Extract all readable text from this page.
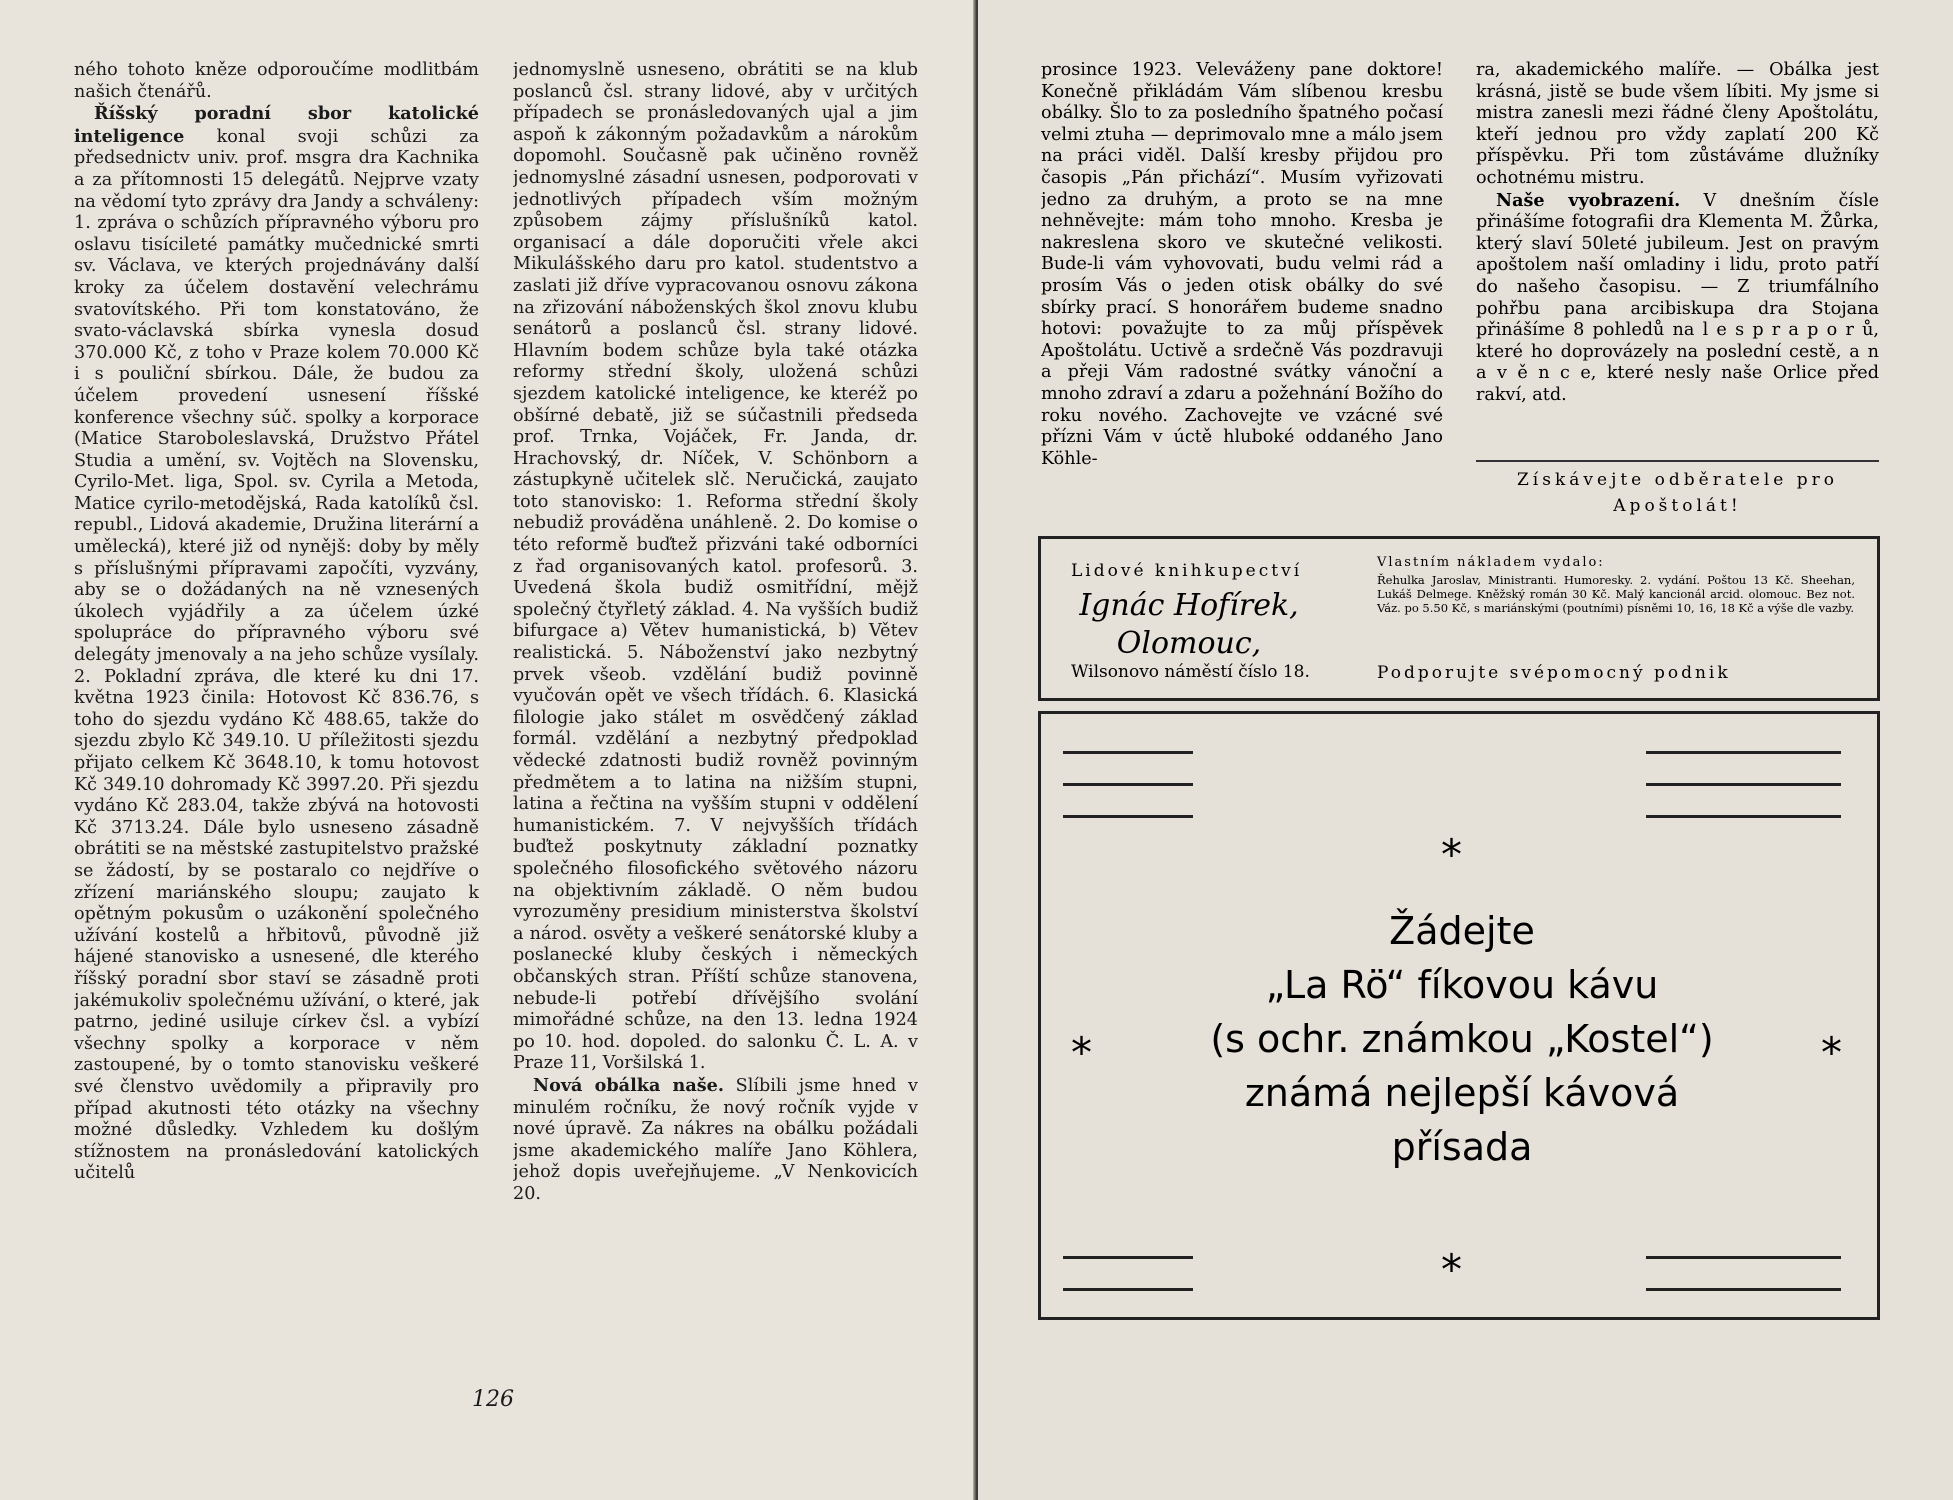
ného tohoto kněze odporoučíme modlitbám našich čtenářů.

Říšský poradní sbor katolické inteligence konal svoji schůzi za předsednictv univ. prof. msgra dra Kachnika a za přítomnosti 15 delegátů. Nejprve vzaty na vědomí tyto zprávy dra Jandy a schváleny: 1. zpráva o schůzích přípravného výboru pro oslavu tisícileté památky mučednické smrti sv. Václava, ve kterých projednávány další kroky za účelem dostavění velechrámu svatovítského. Při tom konstatováno, že svato-václavská sbírka vynesla dosud 370.000 Kč, z toho v Praze kolem 70.000 Kč i s pouliční sbírkou. Dále, že budou za účelem provedení usnesení říšské konference všechny súč. spolky a korporace (Matice Staroboleslavská, Družstvo Přátel Studia a umění, sv. Vojtěch na Slovensku, Cyrilo-Met. liga, Spol. sv. Cyrila a Metoda, Matice cyrilo-metodějská, Rada katolíků čsl. republ., Lidová akademie, Družina literární a umělecká), které již od nynějš: doby by měly s příslušnými přípravami započíti, vyzvány, aby se o dožádaných na ně vznesených úkolech vyjádřily a za účelem úzké spolupráce do přípravného výboru své delegáty jmenovaly a na jeho schůze vysílaly. 2. Pokladní zpráva, dle které ku dni 17. května 1923 činila: Hotovost Kč 836.76, s toho do sjezdu vydáno Kč 488.65, takže do sjezdu zbylo Kč 349.10. U příležitosti sjezdu přijato celkem Kč 3648.10, k tomu hotovost Kč 349.10 dohromady Kč 3997.20. Při sjezdu vydáno Kč 283.04, takže zbývá na hotovosti Kč 3713.24. Dále bylo usneseno zásadně obrátiti se na městské zastupitelstvo pražské se žádostí, by se postaralo co nejdříve o zřízení mariánského sloupu; zaujato k opětným pokusům o uzákonění společného užívání kostelů a hřbitovů, původně již hájené stanovisko a usnesené, dle kterého říšský poradní sbor staví se zásadně proti jakémukoliv společnému užívání, o které, jak patrno, jediné usiluje církev čsl. a vybízí všechny spolky a korporace v něm zastoupené, by o tomto stanovisku veškeré své členstvo uvědomily a připravily pro případ akutnosti této otázky na všechny možné důsledky. Vzhledem ku došlým stížnostem na pronásledování katolických učitelů

jednomyslně usneseno, obrátiti se na klub poslanců čsl. strany lidové, aby v určitých případech se pronásledovaných ujal a jim aspoň k zákonným požadavkům a nárokům dopomohl. Současně pak učiněno rovněž jednomyslné zásadní usnesen, podporovati v jednotlivých případech vším možným způsobem zájmy příslušníků katol. organisací a dále doporučiti vřele akci Mikulášského daru pro katol. studentstvo a zaslati již dříve vypracovanou osnovu zákona na zřizování náboženských škol znovu klubu senátorů a poslanců čsl. strany lidové. Hlavním bodem schůze byla také otázka reformy střední školy, uložená schůzi sjezdem katolické inteligence, ke kteréž po obšírné debatě, již se súčastnili předseda prof. Trnka, Vojáček, Fr. Janda, dr. Hrachovský, dr. Níček, V. Schönborn a zástupkyně učitelek slč. Neručická, zaujato toto stanovisko: 1. Reforma střední školy nebudiž prováděna unáhleně. 2. Do komise o této reformě buďtež přizváni také odborníci z řad organisovaných katol. profesorů. 3. Uvedená škola budiž osmitřídní, mějž společný čtyřletý základ. 4. Na vyšších budiž bifurgace a) Větev humanistická, b) Větev realistická. 5. Náboženství jako nezbytný prvek všeob. vzdělání budiž povinně vyučován opět ve všech třídách. 6. Klasická filologie jako stálet m osvědčený základ formál. vzdělání a nezbytný předpoklad vědecké zdatnosti budiž rovněž povinným předmětem a to latina na nižším stupni, latina a řečtina na vyšším stupni v oddělení humanistickém. 7. V nejvyšších třídách buďtež poskytnuty základní poznatky společného filosofického světového názoru na objektivním základě. O něm budou vyrozuměny presidium ministerstva školství a národ. osvěty a veškeré senátorské kluby a poslanecké kluby českých i německých občanských stran. Příští schůze stanovena, nebude-li potřebí dřívějšího svolání mimořádné schůze, na den 13. ledna 1924 po 10. hod. dopoled. do salonku Č. L. A. v Praze 11, Voršilská 1.

Nová obálka naše. Slíbili jsme hned v minulém ročníku, že nový ročník vyjde v nové úpravě. Za nákres na obálku požádali jsme akademického malíře Jano Köhlera, jehož dopis uveřejňujeme. „V Nenkovicích 20.

126

prosince 1923. Veleváženy pane doktore! Konečně přikládám Vám slíbenou kresbu obálky. Šlo to za posledního špatného počasí velmi ztuha — deprimovalo mne a málo jsem na práci viděl. Další kresby přijdou pro časopis „Pán přichází“. Musím vyřizovati jedno za druhým, a proto se na mne nehněvejte: mám toho mnoho. Kresba je nakreslena skoro ve skutečné velikosti. Bude-li vám vyhovovati, budu velmi rád a prosím Vás o jeden otisk obálky do své sbírky prací. S honorářem budeme snadno hotovi: považujte to za můj příspěvek Apoštolátu. Uctivě a srdečně Vás pozdravuji a přeji Vám radostné svátky vánoční a mnoho zdraví a zdaru a požehnání Božího do roku nového. Zachovejte ve vzácné své přízni Vám v úctě hluboké oddaného Jano Köhle-

ra, akademického malíře. — Obálka jest krásná, jistě se bude všem líbiti. My jsme si mistra zanesli mezi řádné členy Apoštolátu, kteří jednou pro vždy zaplatí 200 Kč příspěvku. Při tom zůstáváme dlužníky ochotnému mistru.

Naše vyobrazení. V dnešním čísle přinášíme fotografii dra Klementa M. Žůrka, který slaví 50leté jubileum. Jest on pravým apoštolem naší omladiny i lidu, proto patří do našeho časopisu. — Z triumfálního pohřbu pana arcibiskupa dra Stojana přinášíme 8 pohledů na l e s p r a p o r ů, které ho doprovázely na poslední cestě, a n a v ě n c e, které nesly naše Orlice před rakví, atd.

Získávejte odběratele pro Apoštolát!
Lidové knihkupectví
Ignác Hofírek,
Olomouc,
Wilsonovo náměstí číslo 18.
Vlastním nákladem vydalo:
Řehulka Jaroslav, Ministranti. Humoresky. 2. vydání. Poštou 13 Kč. Sheehan, Lukáš Delmege. Kněžský román 30 Kč. Malý kancionál arcid. olomouc. Bez not. Váz. po 5.50 Kč, s mariánskými (poutními) písněmi 10, 16, 18 Kč a výše dle vazby.
Podporujte svépomocný podnik
*
*
*	*
Žádejte
„La Rö“ fíkovou kávu
(s ochr. známkou „Kostel“)
známá nejlepší kávová
přísada
